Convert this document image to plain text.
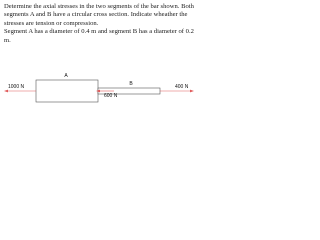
Determine the axial stresses in the two segments of the bar shown. Both segments A and B have a circular cross section. Indicate wheather the stresses are tension or compression.

Segment A has a diameter of 0.4 m and segment B has a diameter of 0.2 m.

A
B
1000 N
600 N
400 N
